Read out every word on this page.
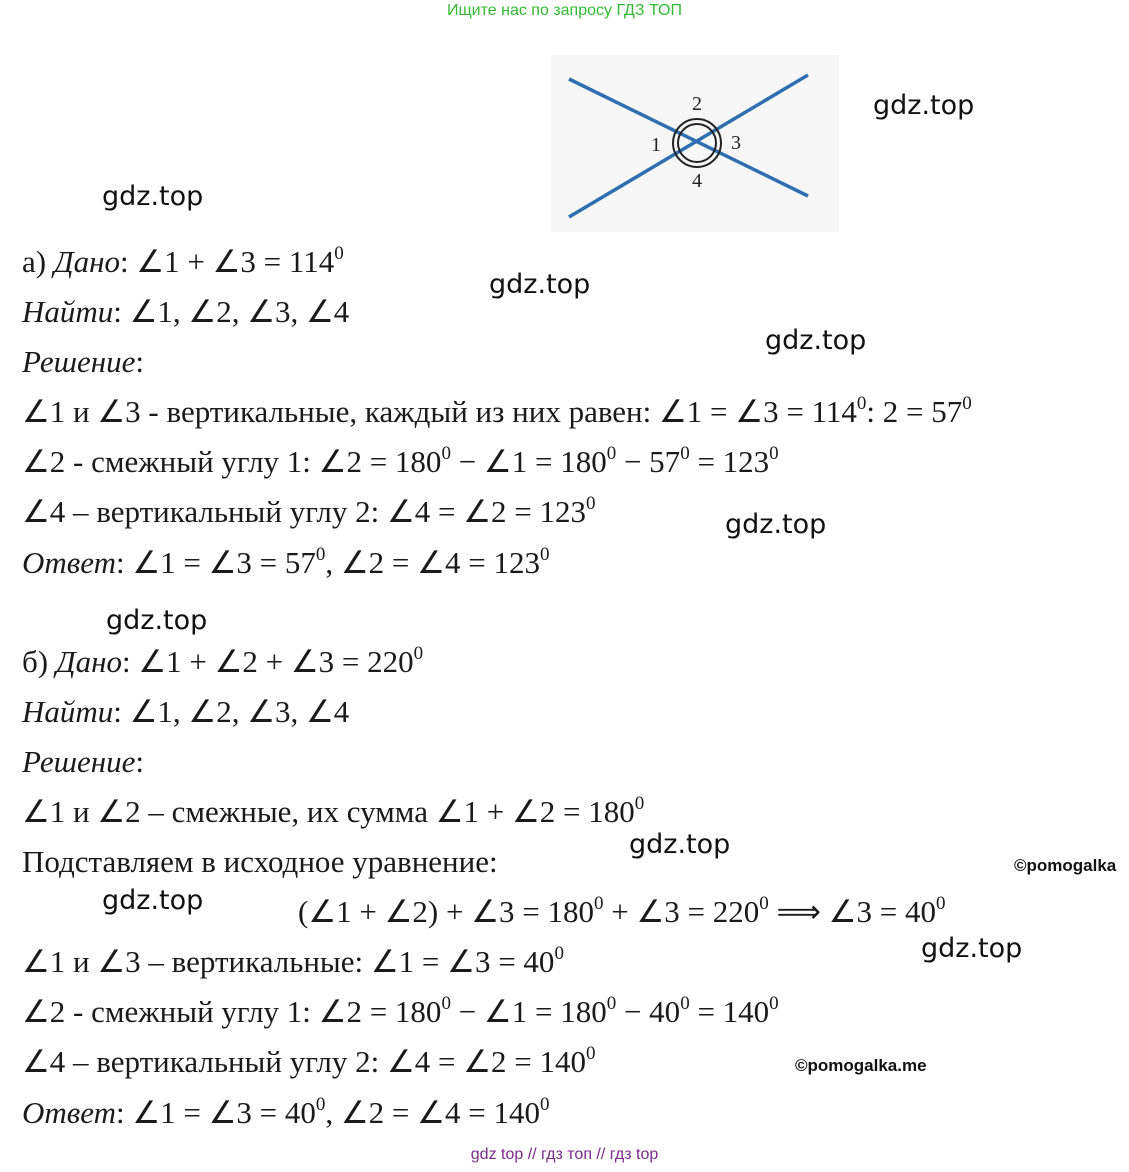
Ищите нас по запросу ГДЗ ТОП
1
2
3
4
gdz.top
gdz.top
gdz.top
gdz.top
gdz.top
gdz.top
gdz.top
gdz.top
gdz.top
©pomogalka
©pomogalka.me
а) Дано: ∠1 + ∠3 = $114^0$
Найти: ∠1, ∠2, ∠3, ∠4
Решение:
∠1 и ∠3 - вертикальные, каждый из них равен: ∠1 = ∠3 = $114^0$: $2 = 57^0$
∠2 - смежный углу 1: ∠2 = $180^0$ − ∠1 = $180^0 - 57^0 = 123^0$
∠4 – вертикальный углу 2: ∠4 = ∠2 = $123^0$
Ответ: ∠1 = ∠3 = $57^0$, ∠2 = ∠4 = $123^0$
б) Дано: ∠1 + ∠2 + ∠3 = $220^0$
Найти: ∠1, ∠2, ∠3, ∠4
Решение:
∠1 и ∠2 – смежные, их сумма ∠1 + ∠2 = $180^0$
Подставляем в исходное уравнение:
(∠1 + ∠2) + ∠3 = $180^0$ + ∠3 = $220^0$ ⟹ ∠3 = $40^0$
∠1 и ∠3 – вертикальные: ∠1 = ∠3 = $40^0$
∠2 - смежный углу 1: ∠2 = $180^0$ − ∠1 = $180^0 - 40^0 = 140^0$
∠4 – вертикальный углу 2: ∠4 = ∠2 = $140^0$
Ответ: ∠1 = ∠3 = $40^0$, ∠2 = ∠4 = $140^0$
gdz top // гдз топ // гдз top
